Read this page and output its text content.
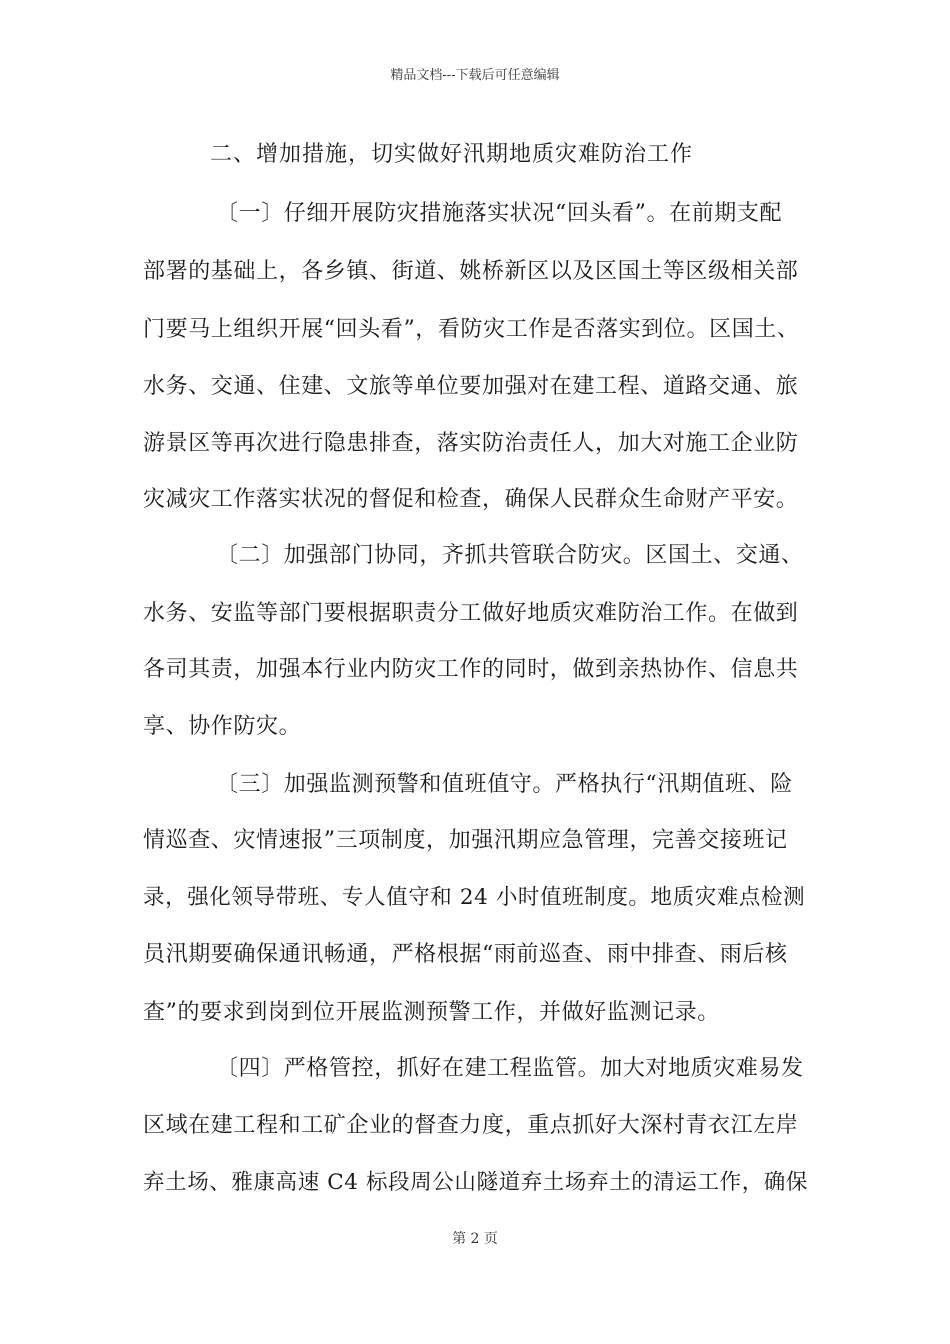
精品文档---下载后可任意编辑
二、增加措施，切实做好汛期地质灾难防治工作
〔一〕仔细开展防灾措施落实状况“回头看”。在前期支配
部署的基础上，各乡镇、街道、姚桥新区以及区国土等区级相关部
门要马上组织开展“回头看”，看防灾工作是否落实到位。区国土、
水务、交通、住建、文旅等单位要加强对在建工程、道路交通、旅
游景区等再次进行隐患排查，落实防治责任人，加大对施工企业防
灾减灾工作落实状况的督促和检查，确保人民群众生命财产平安。
〔二〕加强部门协同，齐抓共管联合防灾。区国土、交通、
水务、安监等部门要根据职责分工做好地质灾难防治工作。在做到
各司其责，加强本行业内防灾工作的同时，做到亲热协作、信息共
享、协作防灾。
〔三〕加强监测预警和值班值守。严格执行“汛期值班、险
情巡查、灾情速报”三项制度，加强汛期应急管理，完善交接班记
录，强化领导带班、专人值守和 24 小时值班制度。地质灾难点检测
员汛期要确保通讯畅通，严格根据“雨前巡查、雨中排查、雨后核
查”的要求到岗到位开展监测预警工作，并做好监测记录。
〔四〕严格管控，抓好在建工程监管。加大对地质灾难易发
区域在建工程和工矿企业的督查力度，重点抓好大深村青衣江左岸
弃土场、雅康高速 C4 标段周公山隧道弃土场弃土的清运工作，确保
第 2 页
